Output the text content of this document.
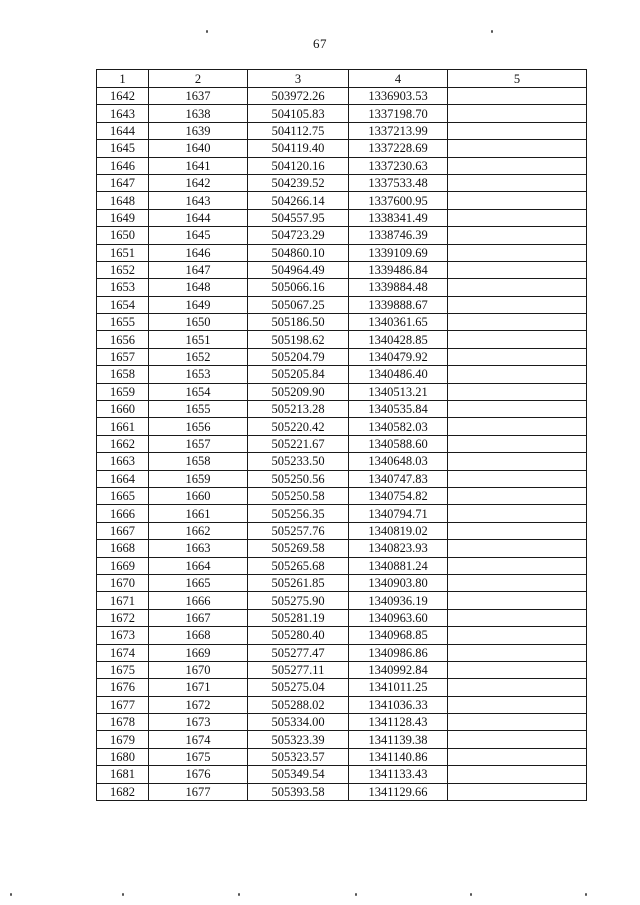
67
1	2	3	4	5
1642	1637	503972.26	1336903.53	
1643	1638	504105.83	1337198.70	
1644	1639	504112.75	1337213.99	
1645	1640	504119.40	1337228.69	
1646	1641	504120.16	1337230.63	
1647	1642	504239.52	1337533.48	
1648	1643	504266.14	1337600.95	
1649	1644	504557.95	1338341.49	
1650	1645	504723.29	1338746.39	
1651	1646	504860.10	1339109.69	
1652	1647	504964.49	1339486.84	
1653	1648	505066.16	1339884.48	
1654	1649	505067.25	1339888.67	
1655	1650	505186.50	1340361.65	
1656	1651	505198.62	1340428.85	
1657	1652	505204.79	1340479.92	
1658	1653	505205.84	1340486.40	
1659	1654	505209.90	1340513.21	
1660	1655	505213.28	1340535.84	
1661	1656	505220.42	1340582.03	
1662	1657	505221.67	1340588.60	
1663	1658	505233.50	1340648.03	
1664	1659	505250.56	1340747.83	
1665	1660	505250.58	1340754.82	
1666	1661	505256.35	1340794.71	
1667	1662	505257.76	1340819.02	
1668	1663	505269.58	1340823.93	
1669	1664	505265.68	1340881.24	
1670	1665	505261.85	1340903.80	
1671	1666	505275.90	1340936.19	
1672	1667	505281.19	1340963.60	
1673	1668	505280.40	1340968.85	
1674	1669	505277.47	1340986.86	
1675	1670	505277.11	1340992.84	
1676	1671	505275.04	1341011.25	
1677	1672	505288.02	1341036.33	
1678	1673	505334.00	1341128.43	
1679	1674	505323.39	1341139.38	
1680	1675	505323.57	1341140.86	
1681	1676	505349.54	1341133.43	
1682	1677	505393.58	1341129.66	
